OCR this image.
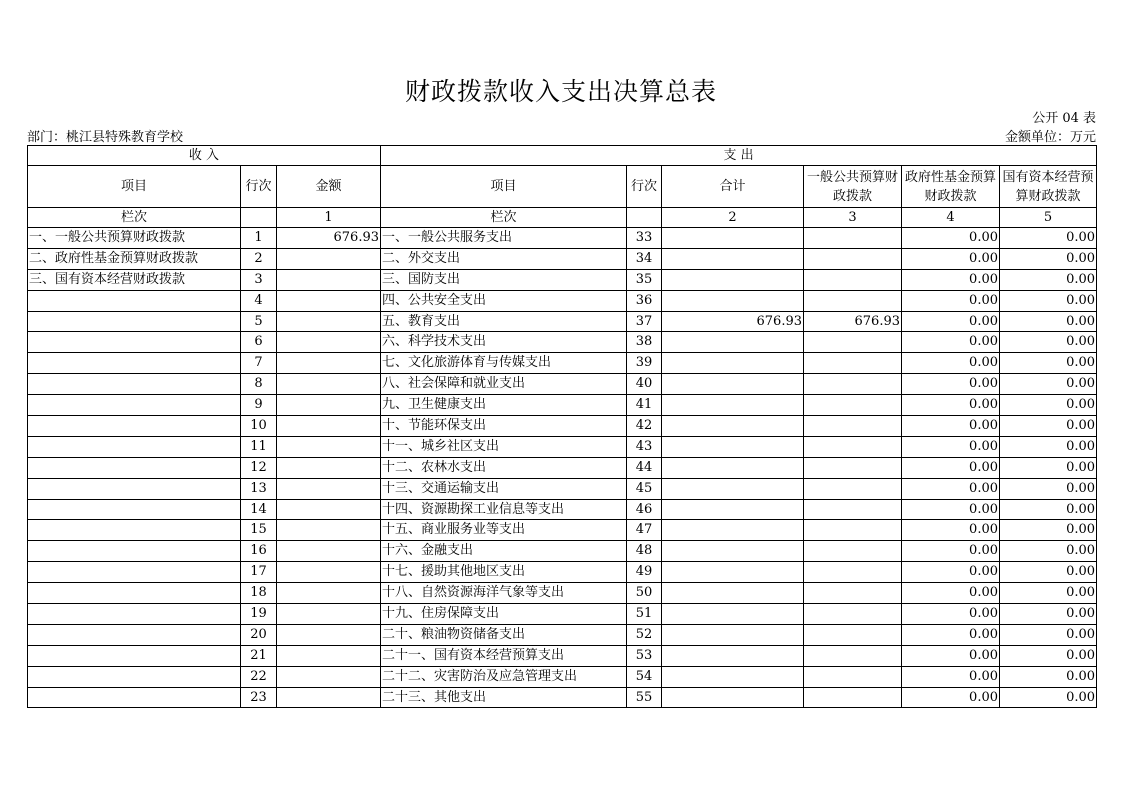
财政拨款收入支出决算总表
公开 04 表
部门：桃江县特殊教育学校	金额单位：万元
收 入			支 出					
项目	行次	金额	项目	行次	合计	一般公共预算财政拨款	政府性基金预算财政拨款	国有资本经营预算财政拨款
栏次		1	栏次		2	3	4	5
一、一般公共预算财政拨款	1	676.93	一、一般公共服务支出	33			0.00	0.00
二、政府性基金预算财政拨款	2		二、外交支出	34			0.00	0.00
三、国有资本经营财政拨款	3		三、国防支出	35			0.00	0.00
	4		四、公共安全支出	36			0.00	0.00
	5		五、教育支出	37	676.93	676.93	0.00	0.00
	6		六、科学技术支出	38			0.00	0.00
	7		七、文化旅游体育与传媒支出	39			0.00	0.00
	8		八、社会保障和就业支出	40			0.00	0.00
	9		九、卫生健康支出	41			0.00	0.00
	10		十、节能环保支出	42			0.00	0.00
	11		十一、城乡社区支出	43			0.00	0.00
	12		十二、农林水支出	44			0.00	0.00
	13		十三、交通运输支出	45			0.00	0.00
	14		十四、资源勘探工业信息等支出	46			0.00	0.00
	15		十五、商业服务业等支出	47			0.00	0.00
	16		十六、金融支出	48			0.00	0.00
	17		十七、援助其他地区支出	49			0.00	0.00
	18		十八、自然资源海洋气象等支出	50			0.00	0.00
	19		十九、住房保障支出	51			0.00	0.00
	20		二十、粮油物资储备支出	52			0.00	0.00
	21		二十一、国有资本经营预算支出	53			0.00	0.00
	22		二十二、灾害防治及应急管理支出	54			0.00	0.00
	23		二十三、其他支出	55			0.00	0.00
